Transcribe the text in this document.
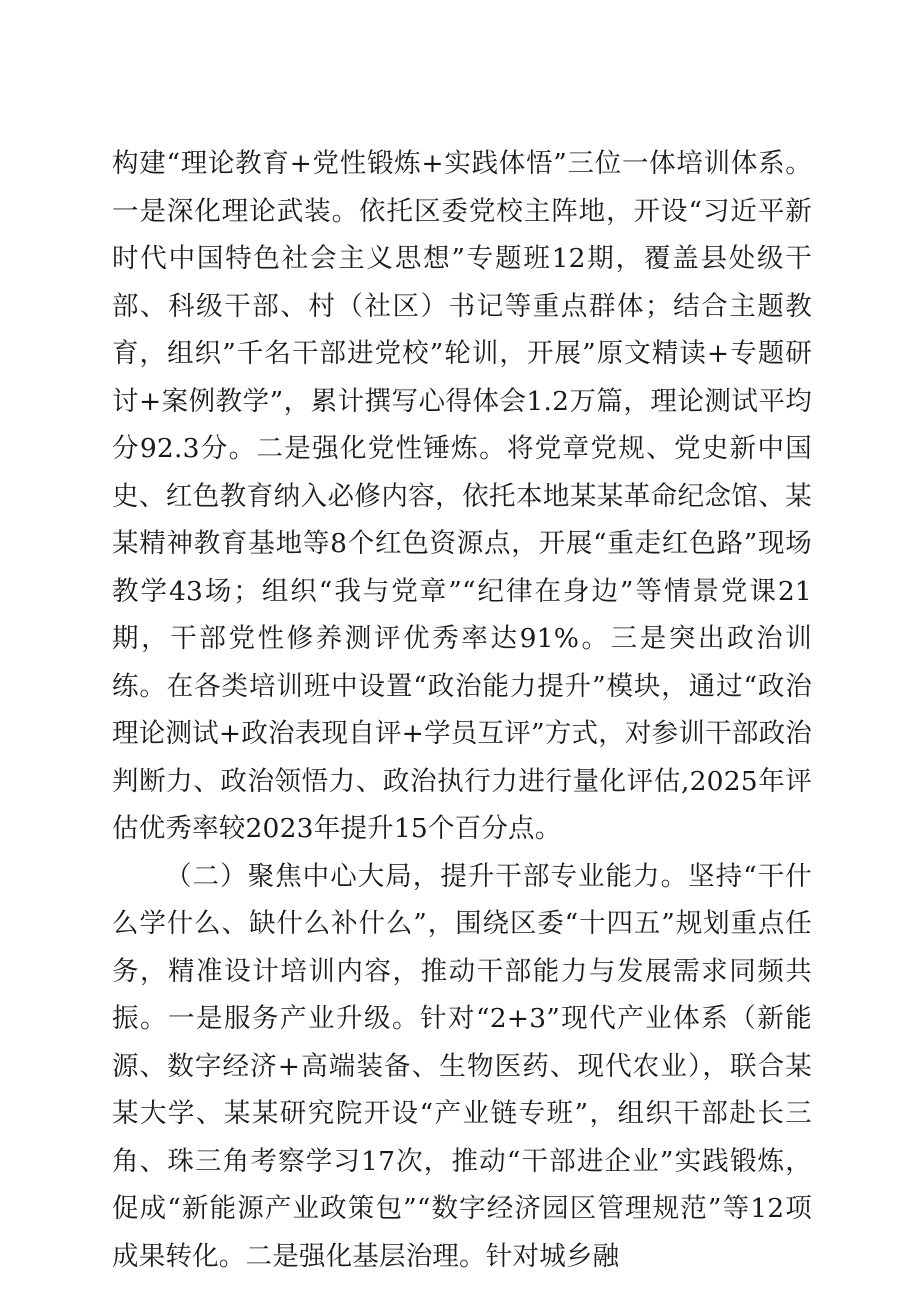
构建“理论教育+党性锻炼+实践体悟”三位一体培训体系。一是深化理论武装。依托区委党校主阵地，开设“习近平新时代中国特色社会主义思想”专题班12期，覆盖县处级干部、科级干部、村（社区）书记等重点群体；结合主题教育，组织”千名干部进党校”轮训，开展”原文精读+专题研讨+案例教学”，累计撰写心得体会1.2万篇，理论测试平均分92.3分。二是强化党性锤炼。将党章党规、党史新中国史、红色教育纳入必修内容，依托本地某某革命纪念馆、某某精神教育基地等8个红色资源点，开展“重走红色路”现场教学43场；组织“我与党章”“纪律在身边”等情景党课21期，干部党性修养测评优秀率达91%。三是突出政治训练。在各类培训班中设置“政治能力提升”模块，通过“政治理论测试+政治表现自评+学员互评”方式，对参训干部政治判断力、政治领悟力、政治执行力进行量化评估,2025年评估优秀率较2023年提升15个百分点。

（二）聚焦中心大局，提升干部专业能力。坚持“干什么学什么、缺什么补什么”，围绕区委“十四五”规划重点任务，精准设计培训内容，推动干部能力与发展需求同频共振。一是服务产业升级。针对“2+3”现代产业体系（新能源、数字经济+高端装备、生物医药、现代农业），联合某某大学、某某研究院开设“产业链专班”，组织干部赴长三角、珠三角考察学习17次，推动“干部进企业”实践锻炼，促成“新能源产业政策包”“数字经济园区管理规范”等12项成果转化。二是强化基层治理。针对城乡融
